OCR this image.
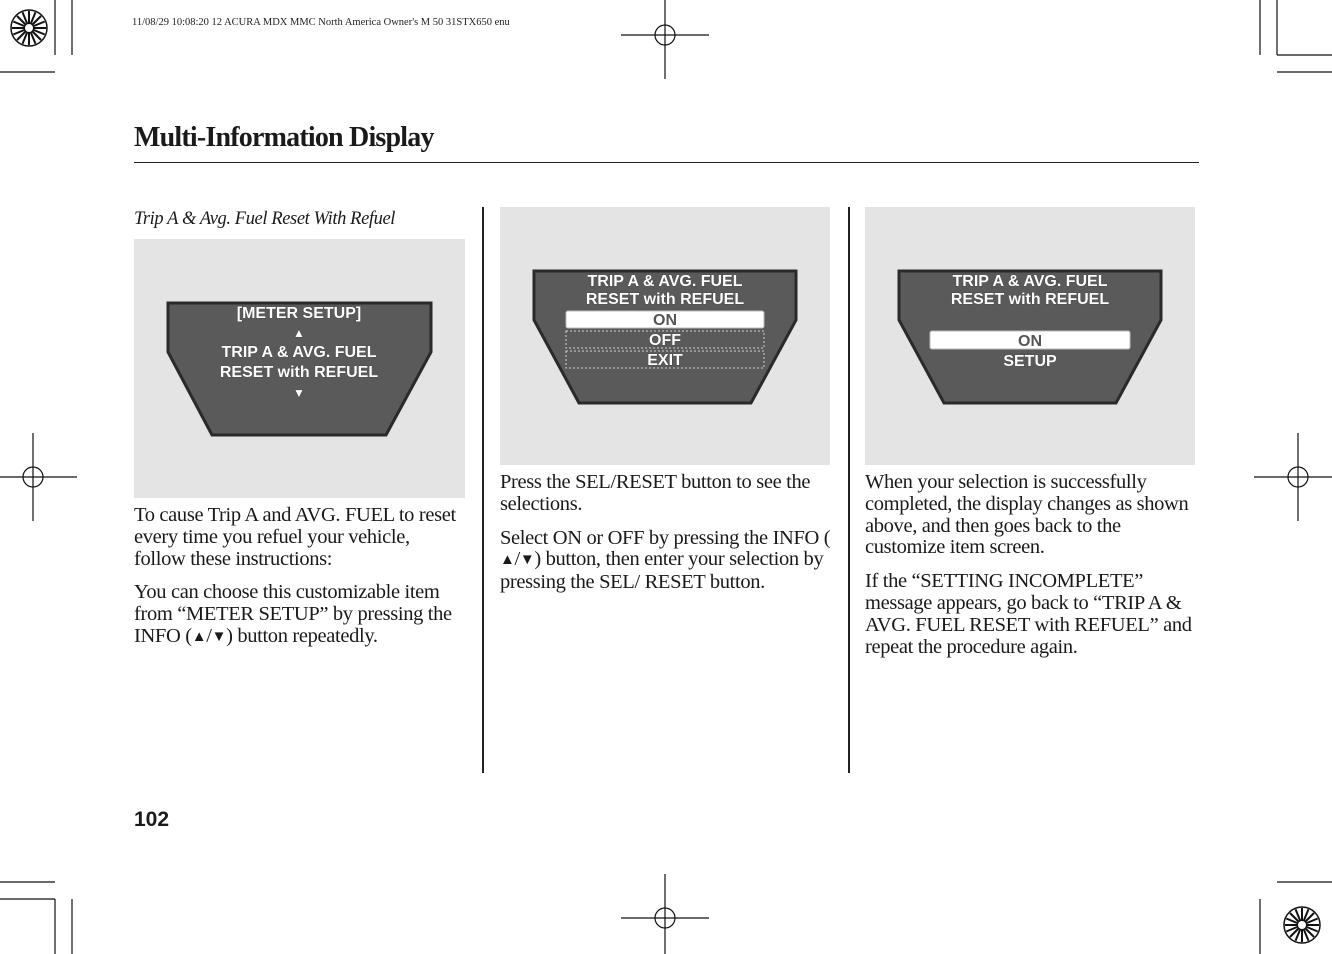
11/08/29 10:08:20 12 ACURA MDX MMC North America Owner's M 50 31STX650 enu
Multi-Information Display
Trip A & Avg. Fuel Reset With Refuel
[METER SETUP]
▲
TRIP A & AVG. FUEL
RESET with REFUEL
▼

To cause Trip A and AVG. FUEL to reset every time you refuel your vehicle, follow these instructions:

You can choose this customizable item from “METER SETUP” by pressing the INFO (▲/▼) button repeatedly.

TRIP A & AVG. FUEL
RESET with REFUEL
ON
OFF
EXIT

Press the SEL/RESET button to see the selections.

Select ON or OFF by pressing the INFO (▲/▼) button, then enter your selection by pressing the SEL/ RESET button.

TRIP A & AVG. FUEL
RESET with REFUEL
ON
SETUP

When your selection is successfully completed, the display changes as shown above, and then goes back to the customize item screen.

If the “SETTING INCOMPLETE” message appears, go back to “TRIP A & AVG. FUEL RESET with REFUEL” and repeat the procedure again.

102
